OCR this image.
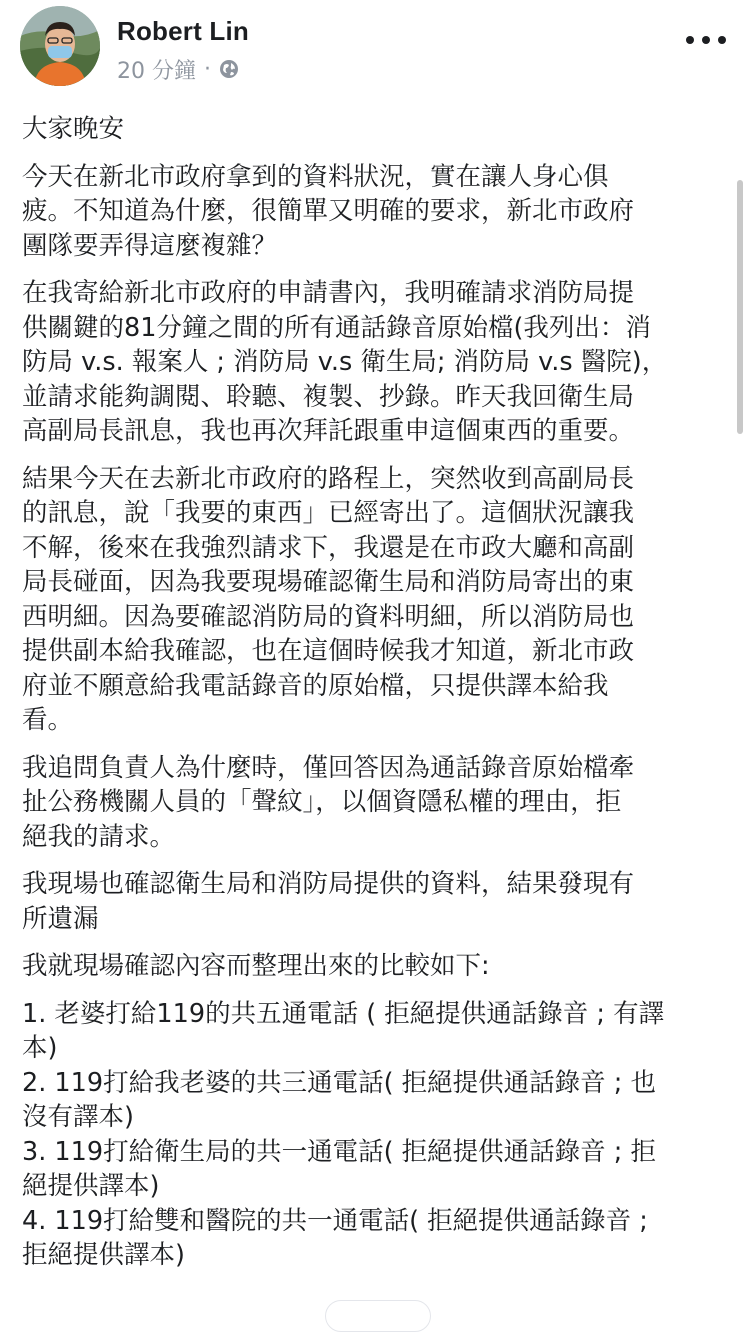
Robert Lin
20 分鐘 ·

大家晚安

今天在新北市政府拿到的資料狀況，實在讓人身心俱
疲。不知道為什麼，很簡單又明確的要求，新北市政府
團隊要弄得這麼複雜？

在我寄給新北市政府的申請書內，我明確請求消防局提
供關鍵的81分鐘之間的所有通話錄音原始檔(我列出：消
防局 v.s. 報案人 ; 消防局 v.s 衛生局; 消防局 v.s 醫院)，
並請求能夠調閱、聆聽、複製、抄錄。昨天我回衛生局
高副局長訊息，我也再次拜託跟重申這個東西的重要。

結果今天在去新北市政府的路程上，突然收到高副局長
的訊息，說「我要的東西」已經寄出了。這個狀況讓我
不解，後來在我強烈請求下，我還是在市政大廳和高副
局長碰面，因為我要現場確認衛生局和消防局寄出的東
西明細。因為要確認消防局的資料明細，所以消防局也
提供副本給我確認，也在這個時候我才知道，新北市政
府並不願意給我電話錄音的原始檔，只提供譯本給我
看。

我追問負責人為什麼時，僅回答因為通話錄音原始檔牽
扯公務機關人員的「聲紋」，以個資隱私權的理由，拒
絕我的請求。

我現場也確認衛生局和消防局提供的資料，結果發現有
所遺漏

我就現場確認內容而整理出來的比較如下:

1. 老婆打給119的共五通電話 ( 拒絕提供通話錄音 ; 有譯
本)

2. 119打給我老婆的共三通電話( 拒絕提供通話錄音 ; 也
沒有譯本)

3. 119打給衛生局的共一通電話( 拒絕提供通話錄音 ; 拒
絕提供譯本)

4. 119打給雙和醫院的共一通電話( 拒絕提供通話錄音 ;
拒絕提供譯本)
